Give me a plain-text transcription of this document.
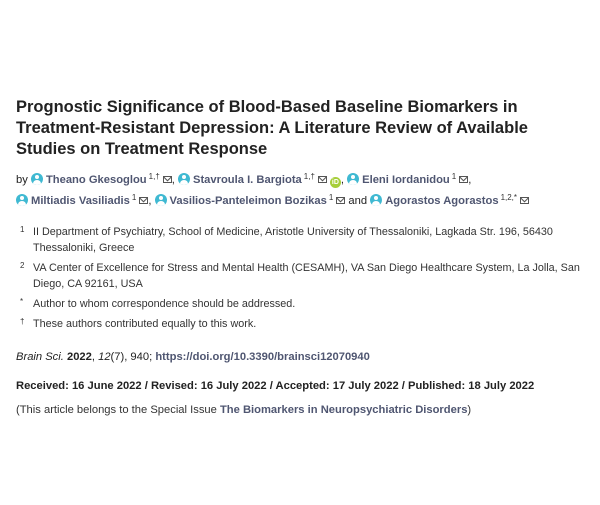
Prognostic Significance of Blood-Based Baseline Biomarkers in Treatment-Resistant Depression: A Literature Review of Available Studies on Treatment Response
by Theano Gkesoglou $^{1,\dagger}$ , Stavroula I. Bargiota $^{1,\dagger}$iD , Eleni Iordanidou $^1$ ,
Miltiadis Vasiliadis $^1$ , Vasilios-Panteleimon Bozikas $^1$ and Agorastos Agorastos $^{1,2,*}$
1 II Department of Psychiatry, School of Medicine, Aristotle University of Thessaloniki, Lagkada Str. 196, 56430 Thessaloniki, Greece
2 VA Center of Excellence for Stress and Mental Health (CESAMH), VA San Diego Healthcare System, La Jolla, San Diego, CA 92161, USA
* Author to whom correspondence should be addressed.
† These authors contributed equally to this work.
Brain Sci. 2022, 12(7), 940; https://doi.org/10.3390/brainsci12070940
Received: 16 June 2022 / Revised: 16 July 2022 / Accepted: 17 July 2022 / Published: 18 July 2022
(This article belongs to the Special Issue The Biomarkers in Neuropsychiatric Disorders)
